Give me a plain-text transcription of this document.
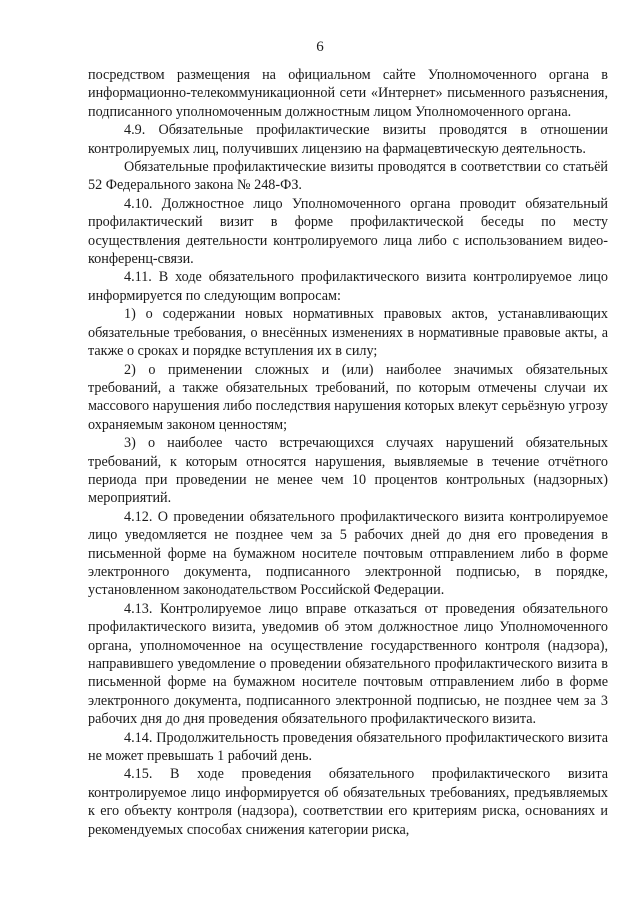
6

посредством размещения на официальном сайте Уполномоченного органа в информационно-телекоммуникационной сети «Интернет» письменного разъяснения, подписанного уполномоченным должностным лицом Уполномоченного органа.

4.9. Обязательные профилактические визиты проводятся в отношении контролируемых лиц, получивших лицензию на фармацевтическую деятельность.

Обязательные профилактические визиты проводятся в соответствии со статьёй 52 Федерального закона № 248-ФЗ.

4.10. Должностное лицо Уполномоченного органа проводит обязательный профилактический визит в форме профилактической беседы по месту осуществления деятельности контролируемого лица либо с использованием видео-конференц-связи.

4.11. В ходе обязательного профилактического визита контролируемое лицо информируется по следующим вопросам:

1) о содержании новых нормативных правовых актов, устанавливающих обязательные требования, о внесённых изменениях в нормативные правовые акты, а также о сроках и порядке вступления их в силу;

2) о применении сложных и (или) наиболее значимых обязательных требований, а также обязательных требований, по которым отмечены случаи их массового нарушения либо последствия нарушения которых влекут серьёзную угрозу охраняемым законом ценностям;

3) о наиболее часто встречающихся случаях нарушений обязательных требований, к которым относятся нарушения, выявляемые в течение отчётного периода при проведении не менее чем 10 процентов контрольных (надзорных) мероприятий.

4.12. О проведении обязательного профилактического визита контролируемое лицо уведомляется не позднее чем за 5 рабочих дней до дня его проведения в письменной форме на бумажном носителе почтовым отправлением либо в форме электронного документа, подписанного электронной подписью, в порядке, установленном законодательством Российской Федерации.

4.13. Контролируемое лицо вправе отказаться от проведения обязательного профилактического визита, уведомив об этом должностное лицо Уполномоченного органа, уполномоченное на осуществление государственного контроля (надзора), направившего уведомление о проведении обязательного профилактического визита в письменной форме на бумажном носителе почтовым отправлением либо в форме электронного документа, подписанного электронной подписью, не позднее чем за 3 рабочих дня до дня проведения обязательного профилактического визита.

4.14. Продолжительность проведения обязательного профилактического визита не может превышать 1 рабочий день.

4.15. В ходе проведения обязательного профилактического визита контролируемое лицо информируется об обязательных требованиях, предъявляемых к его объекту контроля (надзора), соответствии его критериям риска, основаниях и рекомендуемых способах снижения категории риска,
